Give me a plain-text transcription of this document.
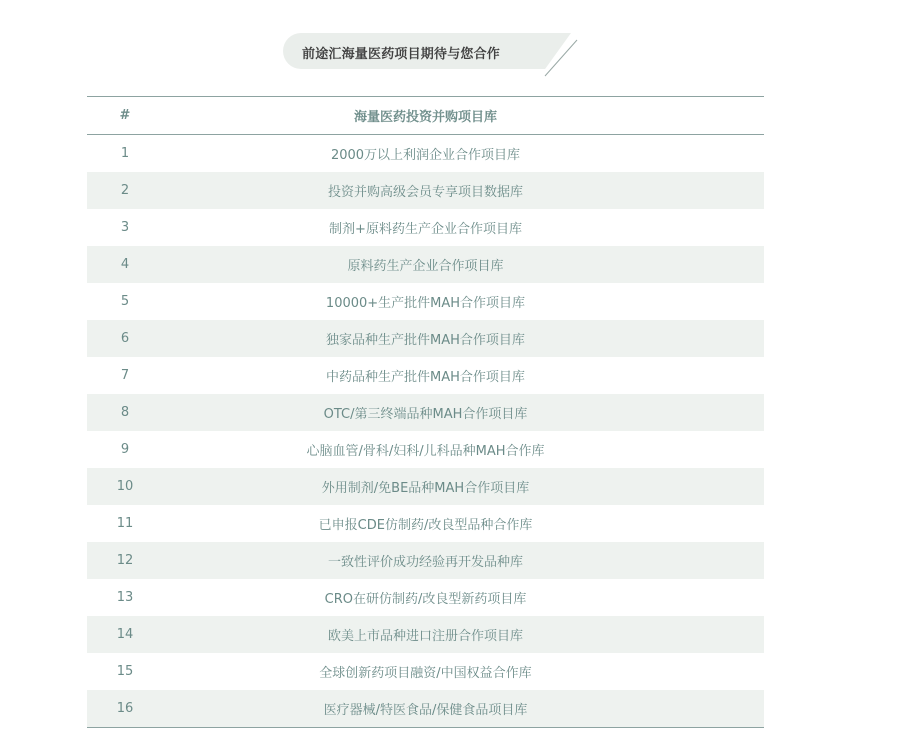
前途汇海量医药项目期待与您合作
#	海量医药投资并购项目库
1	2000万以上利润企业合作项目库
2	投资并购高级会员专享项目数据库
3	制剂+原料药生产企业合作项目库
4	原料药生产企业合作项目库
5	10000+生产批件MAH合作项目库
6	独家品种生产批件MAH合作项目库
7	中药品种生产批件MAH合作项目库
8	OTC/第三终端品种MAH合作项目库
9	心脑血管/骨科/妇科/儿科品种MAH合作库
10	外用制剂/免BE品种MAH合作项目库
11	已申报CDE仿制药/改良型品种合作库
12	一致性评价成功经验再开发品种库
13	CRO在研仿制药/改良型新药项目库
14	欧美上市品种进口注册合作项目库
15	全球创新药项目融资/中国权益合作库
16	医疗器械/特医食品/保健食品项目库
